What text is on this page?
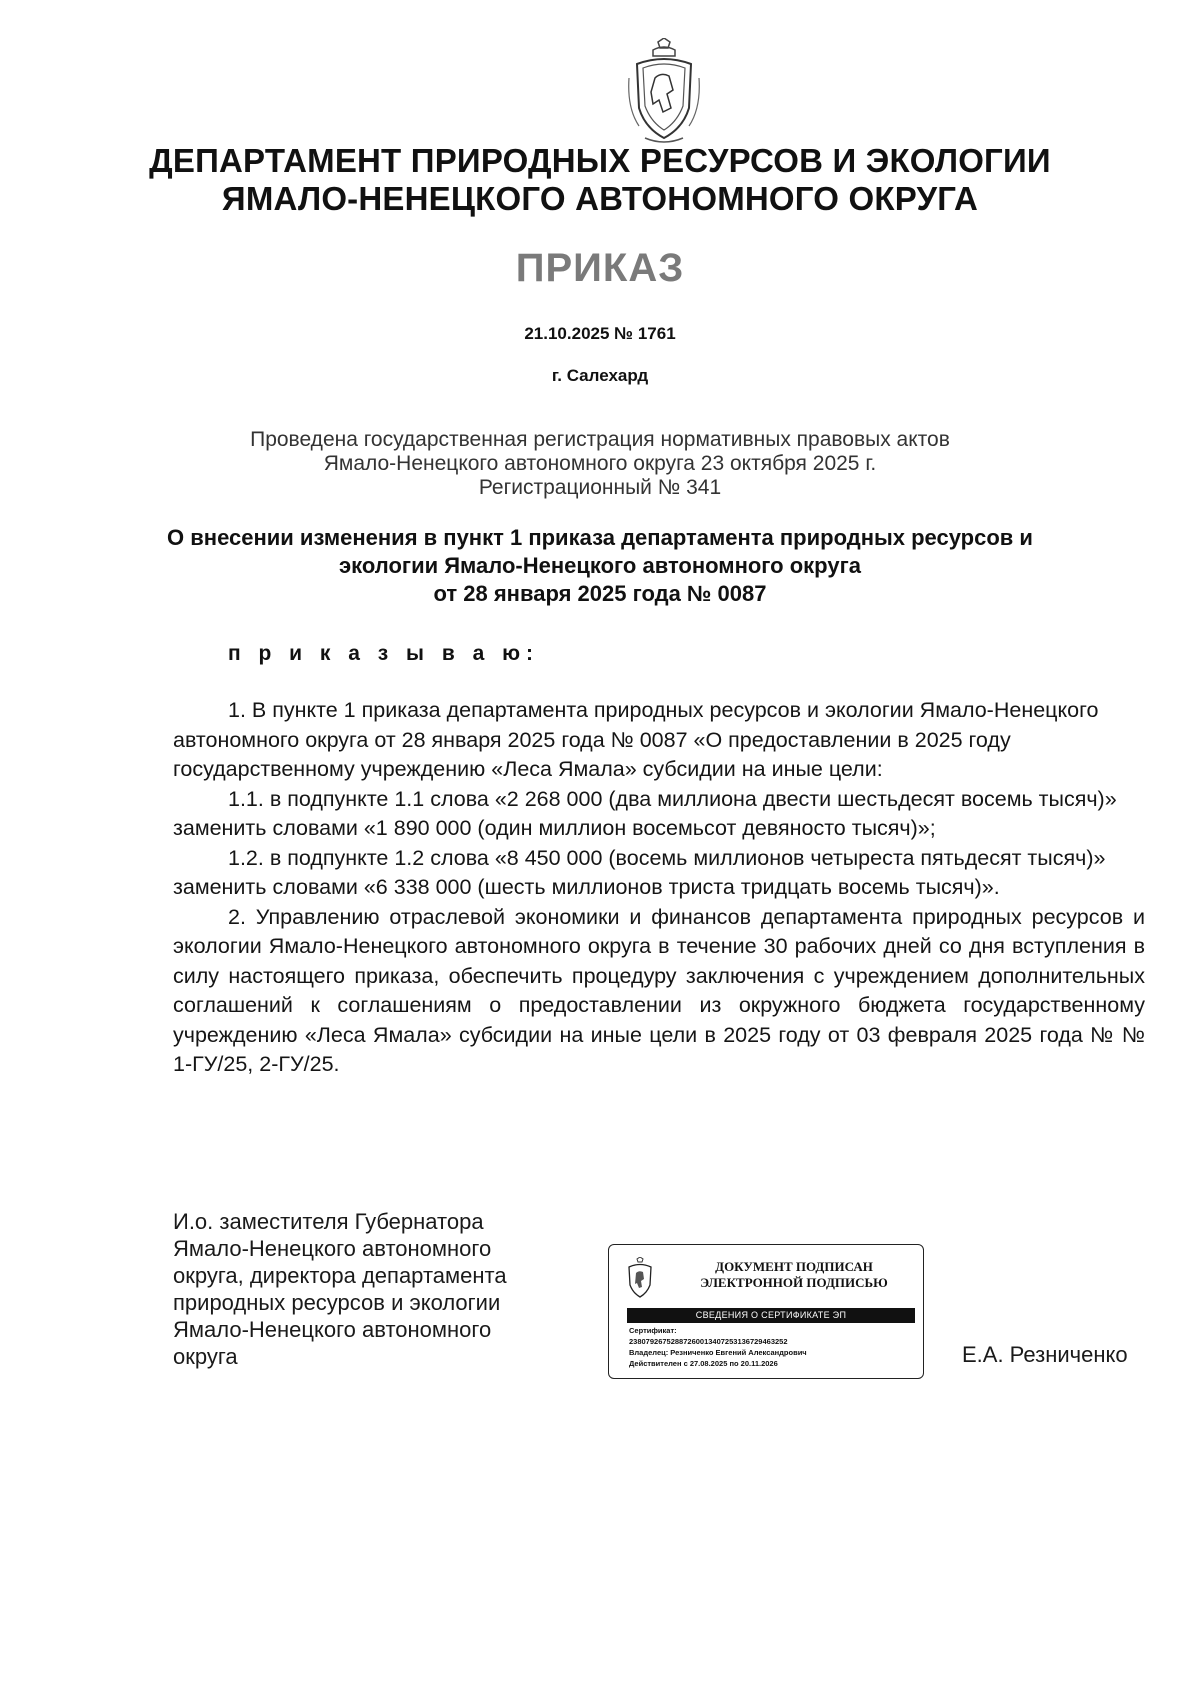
ДЕПАРТАМЕНТ ПРИРОДНЫХ РЕСУРСОВ И ЭКОЛОГИИ
ЯМАЛО-НЕНЕЦКОГО АВТОНОМНОГО ОКРУГА
ПРИКАЗ
21.10.2025 № 1761
г. Салехард
Проведена государственная регистрация нормативных правовых актов
Ямало-Ненецкого автономного округа 23 октября 2025 г.
Регистрационный № 341
О внесении изменения в пункт 1 приказа департамента природных ресурсов и
экологии Ямало-Ненецкого автономного округа
от 28 января 2025 года № 0087
п р и к а з ы в а ю:

1. В пункте 1 приказа департамента природных ресурсов и экологии Ямало-Ненецкого автономного округа от 28 января 2025 года № 0087 «О предоставлении в 2025 году государственному учреждению «Леса Ямала» субсидии на иные цели:

1.1. в подпункте 1.1 слова «2 268 000 (два миллиона двести шестьдесят восемь тысяч)» заменить словами «1 890 000 (один миллион восемьсот девяносто тысяч)»;

1.2. в подпункте 1.2 слова «8 450 000 (восемь миллионов четыреста пятьдесят тысяч)» заменить словами «6 338 000 (шесть миллионов триста тридцать восемь тысяч)».

2. Управлению отраслевой экономики и финансов департамента природных ресурсов и экологии Ямало-Ненецкого автономного округа в течение 30 рабочих дней со дня вступления в силу настоящего приказа, обеспечить процедуру заключения с учреждением дополнительных соглашений к соглашениям о предоставлении из окружного бюджета государственному учреждению «Леса Ямала» субсидии на иные цели в 2025 году от 03 февраля 2025 года № № 1-ГУ/25, 2-ГУ/25.

И.о. заместителя Губернатора
Ямало-Ненецкого автономного
округа, директора департамента
природных ресурсов и экологии
Ямало-Ненецкого автономного
округа
ДОКУМЕНТ ПОДПИСАН
ЭЛЕКТРОННОЙ ПОДПИСЬЮ
СВЕДЕНИЯ О СЕРТИФИКАТЕ ЭП
Сертификат:
23807926752887260013407253136729463252
Владелец: Резниченко Евгений Александрович
Действителен с 27.08.2025 по 20.11.2026	Е.А. Резниченко
